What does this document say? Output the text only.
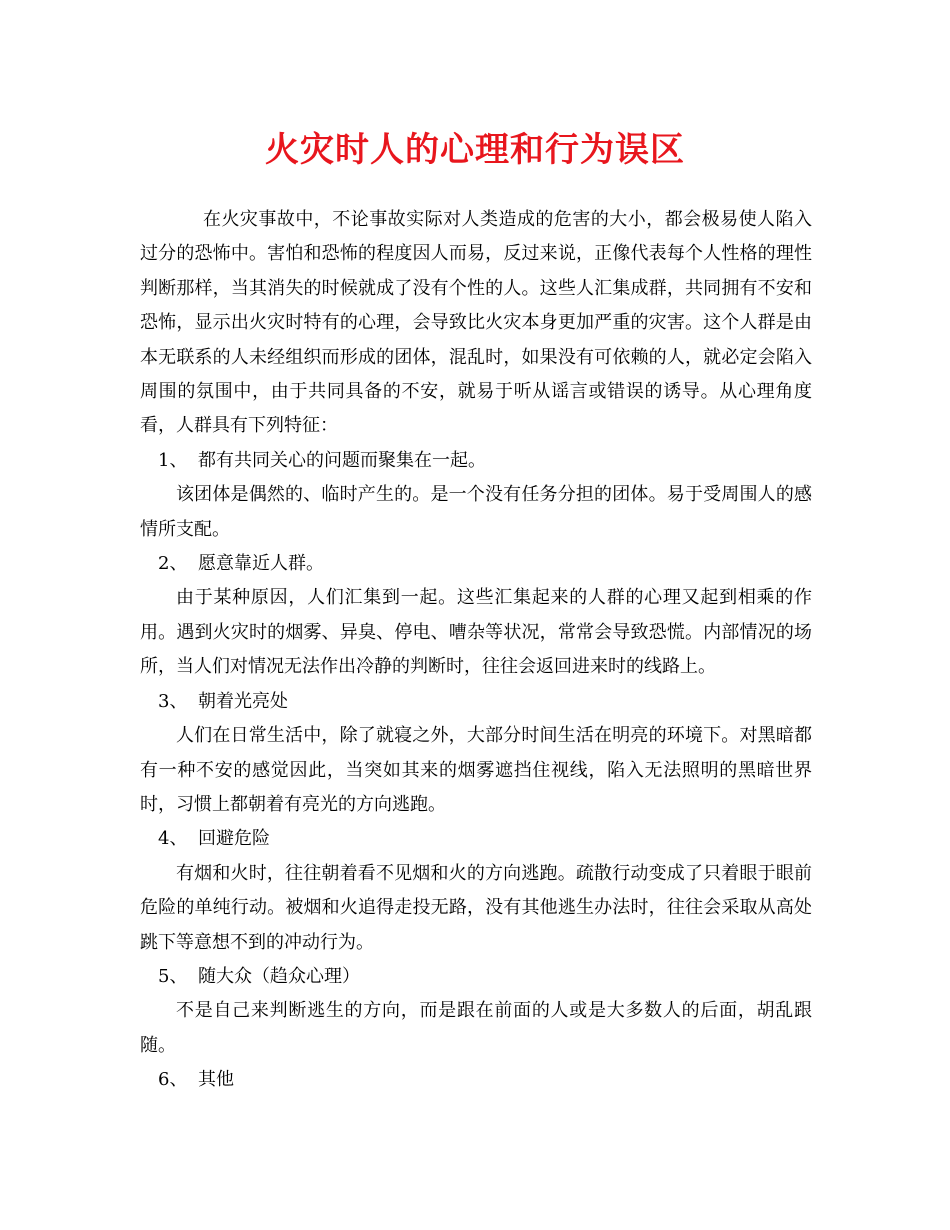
火灾时人的心理和行为误区

在火灾事故中，不论事故实际对人类造成的危害的大小，都会极易使人陷入过分的恐怖中。害怕和恐怖的程度因人而易，反过来说，正像代表每个人性格的理性判断那样，当其消失的时候就成了没有个性的人。这些人汇集成群，共同拥有不安和恐怖，显示出火灾时特有的心理，会导致比火灾本身更加严重的灾害。这个人群是由本无联系的人未经组织而形成的团体，混乱时，如果没有可依赖的人，就必定会陷入周围的氛围中，由于共同具备的不安，就易于听从谣言或错误的诱导。从心理角度看，人群具有下列特征：

1、 都有共同关心的问题而聚集在一起。

该团体是偶然的、临时产生的。是一个没有任务分担的团体。易于受周围人的感情所支配。

2、 愿意靠近人群。

由于某种原因，人们汇集到一起。这些汇集起来的人群的心理又起到相乘的作用。遇到火灾时的烟雾、异臭、停电、嘈杂等状况，常常会导致恐慌。内部情况的场所，当人们对情况无法作出冷静的判断时，往往会返回进来时的线路上。

3、 朝着光亮处

人们在日常生活中，除了就寝之外，大部分时间生活在明亮的环境下。对黑暗都有一种不安的感觉因此，当突如其来的烟雾遮挡住视线，陷入无法照明的黑暗世界时，习惯上都朝着有亮光的方向逃跑。

4、 回避危险

有烟和火时，往往朝着看不见烟和火的方向逃跑。疏散行动变成了只着眼于眼前危险的单纯行动。被烟和火追得走投无路，没有其他逃生办法时，往往会采取从高处跳下等意想不到的冲动行为。

5、 随大众（趋众心理）

不是自己来判断逃生的方向，而是跟在前面的人或是大多数人的后面，胡乱跟随。

6、 其他
